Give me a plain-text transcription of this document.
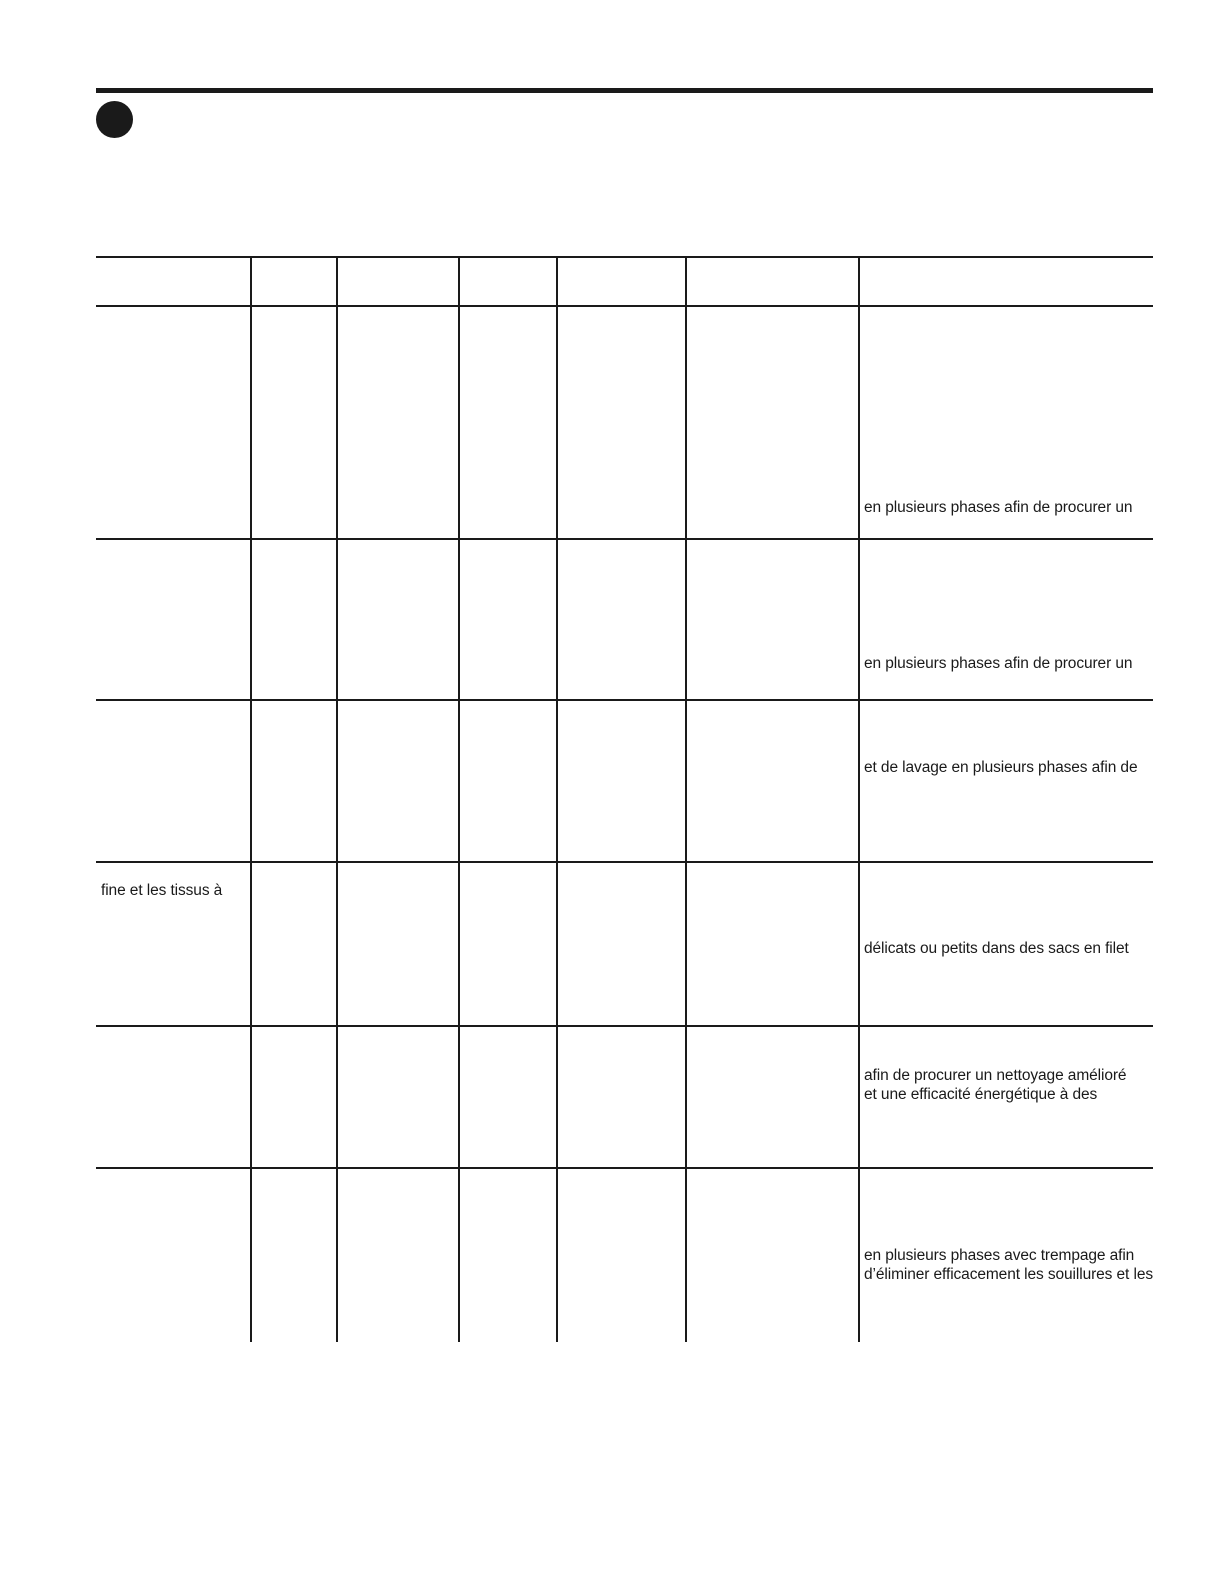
en plusieurs phases afin de procurer un
en plusieurs phases afin de procurer un
et de lavage en plusieurs phases afin de
fine et les tissus à
délicats ou petits dans des sacs en filet
afin de procurer un nettoyage amélioré
et une efficacité énergétique à des
en plusieurs phases avec trempage afin
d’éliminer efficacement les souillures et les
